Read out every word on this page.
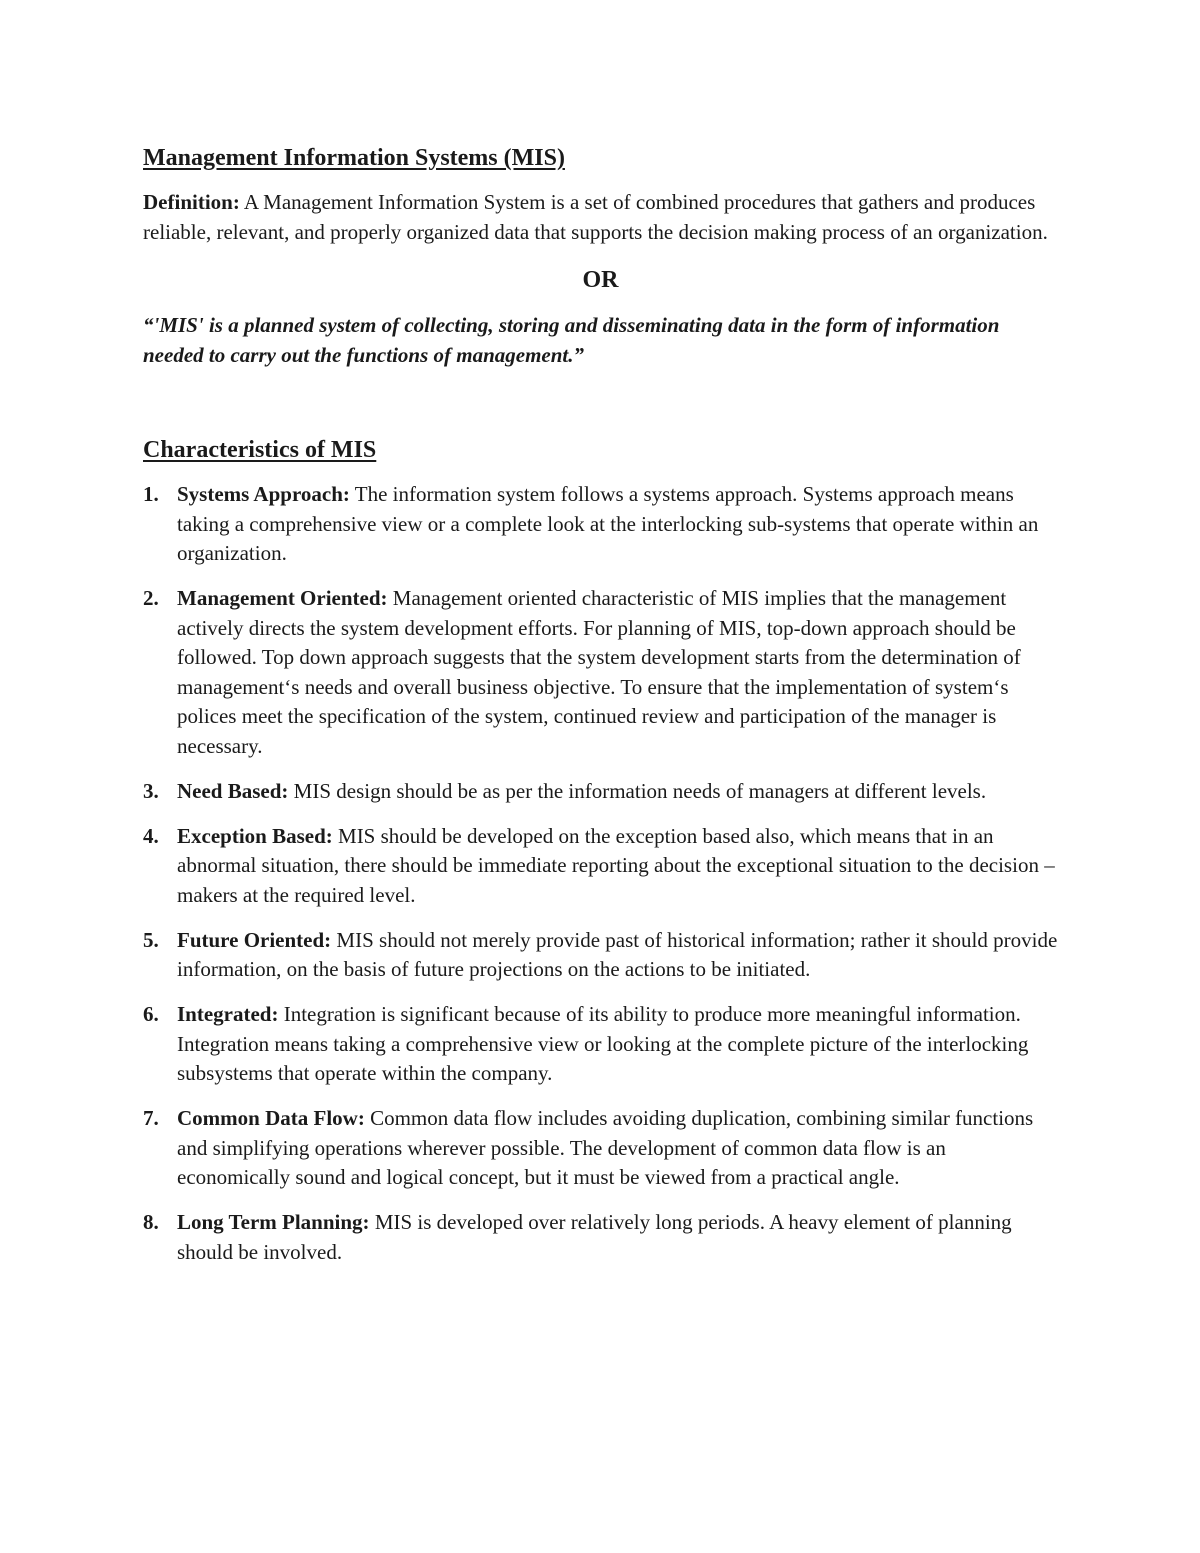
Management Information Systems (MIS)

Definition: A Management Information System is a set of combined procedures that gathers and produces reliable, relevant, and properly organized data that supports the decision making process of an organization.

OR

“'MIS' is a planned system of collecting, storing and disseminating data in the form of information needed to carry out the functions of management.”

Characteristics of MIS
1. Systems Approach: The information system follows a systems approach. Systems approach means taking a comprehensive view or a complete look at the interlocking sub-systems that operate within an organization.
2. Management Oriented: Management oriented characteristic of MIS implies that the management actively directs the system development efforts. For planning of MIS, top-down approach should be followed. Top down approach suggests that the system development starts from the determination of management‘s needs and overall business objective. To ensure that the implementation of system‘s polices meet the specification of the system, continued review and participation of the manager is necessary.
3. Need Based: MIS design should be as per the information needs of managers at different levels.
4. Exception Based: MIS should be developed on the exception based also, which means that in an abnormal situation, there should be immediate reporting about the exceptional situation to the decision –makers at the required level.
5. Future Oriented: MIS should not merely provide past of historical information; rather it should provide information, on the basis of future projections on the actions to be initiated.
6. Integrated: Integration is significant because of its ability to produce more meaningful information. Integration means taking a comprehensive view or looking at the complete picture of the interlocking subsystems that operate within the company.
7. Common Data Flow: Common data flow includes avoiding duplication, combining similar functions and simplifying operations wherever possible. The development of common data flow is an economically sound and logical concept, but it must be viewed from a practical angle.
8. Long Term Planning: MIS is developed over relatively long periods. A heavy element of planning should be involved.
